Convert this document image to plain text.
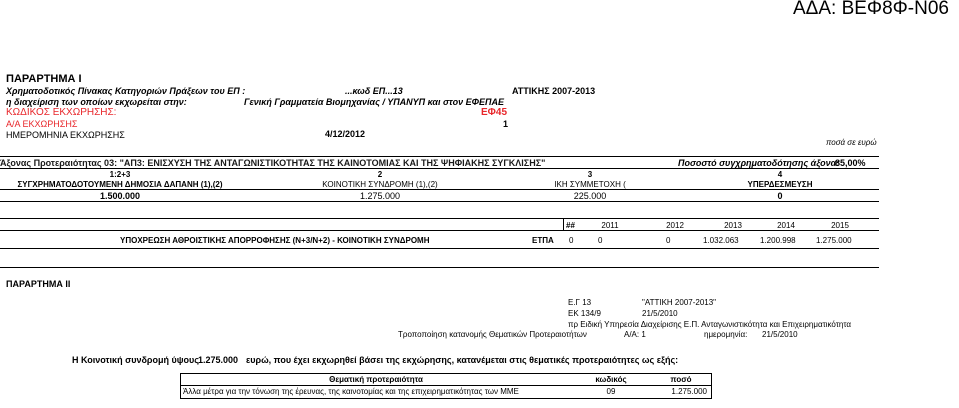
ΑΔΑ: ΒΕΦ8Φ-Ν06
ΠΑΡΑΡΤΗΜΑ Ι
Χρηματοδοτικός Πίνακας Κατηγοριών Πράξεων του ΕΠ :	...κωδ ΕΠ...13	ΑΤΤΙΚΗΣ 2007-2013
η διαχείριση των οποίων εκχωρείται στην:	Γενική Γραμματεία Βιομηχανίας / ΥΠΑΝΥΠ και στον ΕΦΕΠΑΕ
ΚΩΔΙΚΟΣ ΕΚΧΩΡΗΣΗΣ:	ΕΦ45
Α/Α ΕΚΧΩΡΗΣΗΣ	1
ΗΜΕΡΟΜΗΝΙΑ ΕΚΧΩΡΗΣΗΣ	4/12/2012
ποσά σε ευρώ
Άξονας Προτεραιότητας 03: "ΑΠ3: ΕΝΙΣΧΥΣΗ ΤΗΣ ΑΝΤΑΓΩΝΙΣΤΙΚΟΤΗΤΑΣ ΤΗΣ ΚΑΙΝΟΤΟΜΙΑΣ ΚΑΙ ΤΗΣ ΨΗΦΙΑΚΗΣ ΣΥΓΚΛΙΣΗΣ"	Ποσοστό συγχρηματοδότησης άξονα:
85,00%
1:2+3	2	3	4
ΣΥΓΧΡΗΜΑΤΟΔΟΤΟΥΜΕΝΗ ΔΗΜΟΣΙΑ ΔΑΠΑΝΗ (1),(2)	ΚΟΙΝΟΤΙΚΗ ΣΥΝΔΡΟΜΗ (1),(2)	ΙΚΗ ΣΥΜΜΕΤΟΧΗ (	ΥΠΕΡΔΕΣΜΕΥΣΗ
1.500.000	1.275.000	225.000	0
##	2011	2012	2013	2014	2015
ΥΠΟΧΡΕΩΣΗ ΑΘΡΟΙΣΤΙΚΗΣ ΑΠΟΡΡΟΦΗΣΗΣ (Ν+3/Ν+2) - ΚΟΙΝΟΤΙΚΗ ΣΥΝΔΡΟΜΗ	ΕΤΠΑ 0	0	0	1.032.063	1.200.998	1.275.000
ΠΑΡΑΡΤΗΜΑ ΙΙ
Ε.Γ 13	"ΑΤΤΙΚΗ 2007-2013"
ΕΚ 134/9	21/5/2010
πρ Ειδική Υπηρεσία Διαχείρισης Ε.Π. Ανταγωνιστικότητα και Επιχειρηματικότητα
Τροποποίηση κατανομής Θεματικών Προτεραιοτήτων	Α/Α: 1	ημερομηνία: 21/5/2010
Η Κοινοτική συνδρομή ύψους 1.275.000 ευρώ, που έχει εκχωρηθεί βάσει της εκχώρησης, κατανέμεται στις θεματικές προτεραιότητες ως εξής:
Θεματική προτεραιότητα	κωδικός	ποσό
Άλλα μέτρα για την τόνωση της έρευνας, της καινοτομίας και της επιχειρηματικότητας των ΜΜΕ	09	1.275.000
